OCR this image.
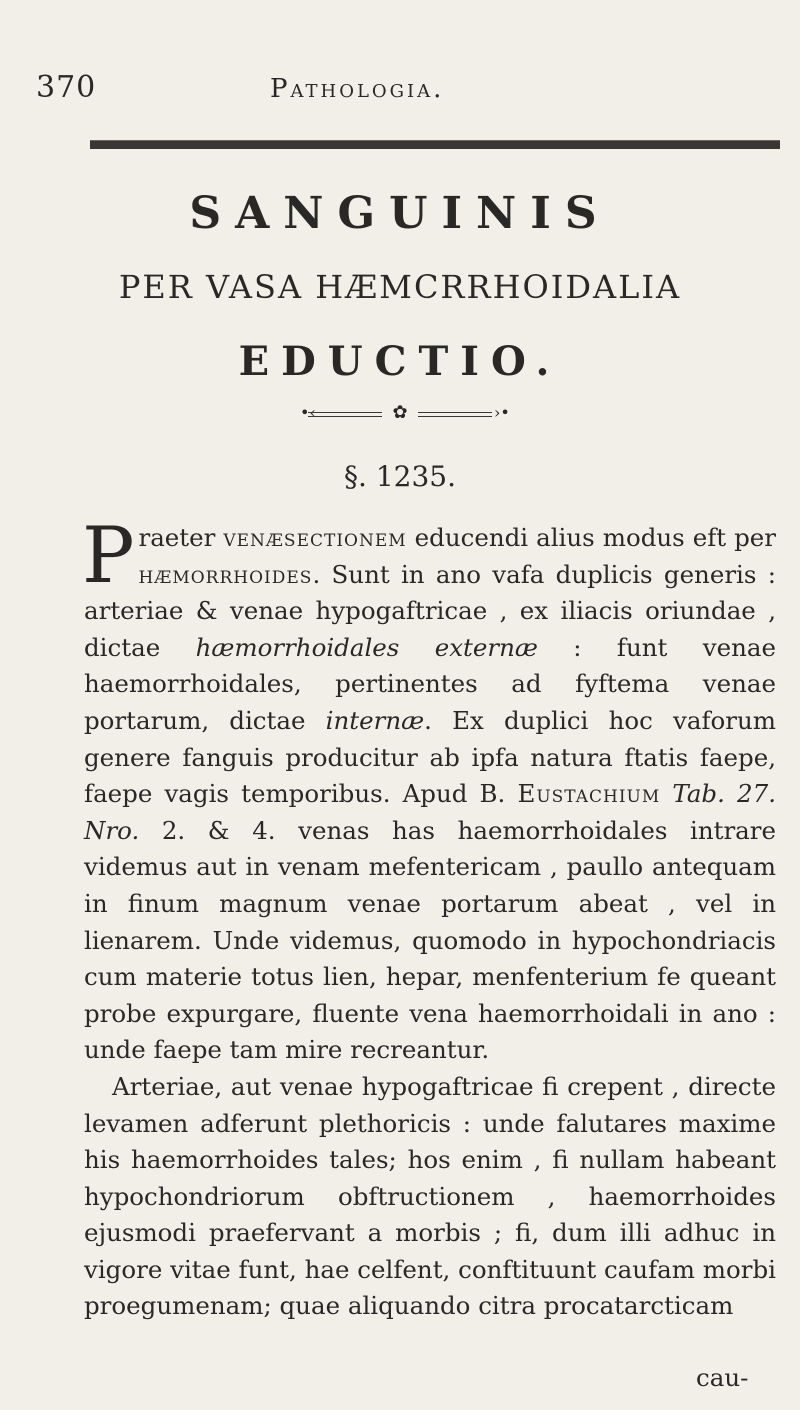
370	Pathologia.
SANGUINIS
PER VASA HÆMCRRHOIDALIA
EDUCTIO.
•‹	✿	›•
§. 1235.

Praeter venæsectionem educendi alius modus eft per hæmorrhoides. Sunt in ano vafa duplicis generis : arteriae & venae hypogaftricae , ex iliacis oriundae , dictae hæmorrhoidales externæ : funt venae haemorrhoidales, pertinentes ad fyftema venae portarum, dictae internæ. Ex duplici hoc vaforum genere fanguis producitur ab ipfa natura ftatis faepe, faepe vagis temporibus. Apud B. Eustachium Tab. 27. Nro. 2. & 4. venas has haemorrhoidales intrare videmus aut in venam mefentericam , paullo antequam in finum magnum venae portarum abeat , vel in lienarem. Unde videmus, quomodo in hypochondriacis cum materie totus lien, hepar, menfenterium fe queant probe expurgare, fluente vena haemorrhoidali in ano : unde faepe tam mire recreantur.

Arteriae, aut venae hypogaftricae fi crepent , directe levamen adferunt plethoricis : unde falutares maxime his haemorrhoides tales; hos enim , fi nullam habeant hypochondriorum obftructionem , haemorrhoides ejusmodi praefervant a morbis ; fi, dum illi adhuc in vigore vitae funt, hae celfent, conftituunt caufam morbi proegumenam; quae aliquando citra procatarcticam

cau-
